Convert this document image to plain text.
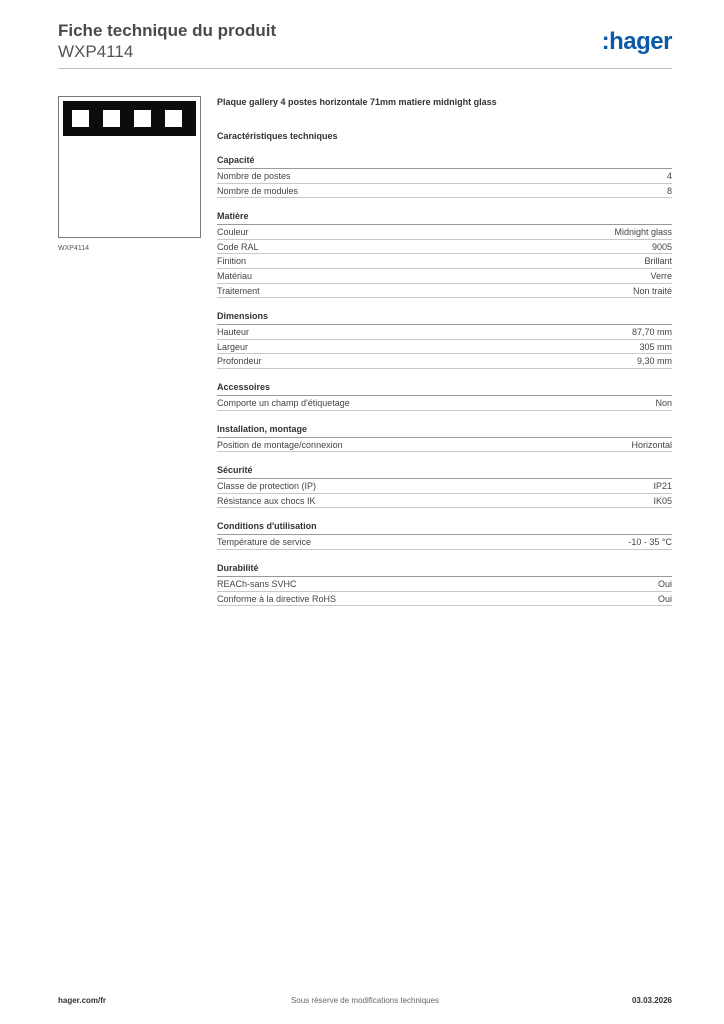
Fiche technique du produit
WXP4114	:hager
WXP4114
Plaque gallery 4 postes horizontale 71mm matiere midnight glass
Caractéristiques techniques
Capacité
Nombre de postes	4
Nombre de modules	8
Matière
Couleur	Midnight glass
Code RAL	9005
Finition	Brillant
Matériau	Verre
Traitement	Non traité
Dimensions
Hauteur	87,70 mm
Largeur	305 mm
Profondeur	9,30 mm
Accessoires
Comporte un champ d'étiquetage	Non
Installation, montage
Position de montage/connexion	Horizontal
Sécurité
Classe de protection (IP)	IP21
Résistance aux chocs IK	IK05
Conditions d'utilisation
Température de service	-10 - 35 °C
Durabilité
REACh-sans SVHC	Oui
Conforme à la directive RoHS	Oui
hager.com/fr	Sous réserve de modifications techniques	03.03.2026
